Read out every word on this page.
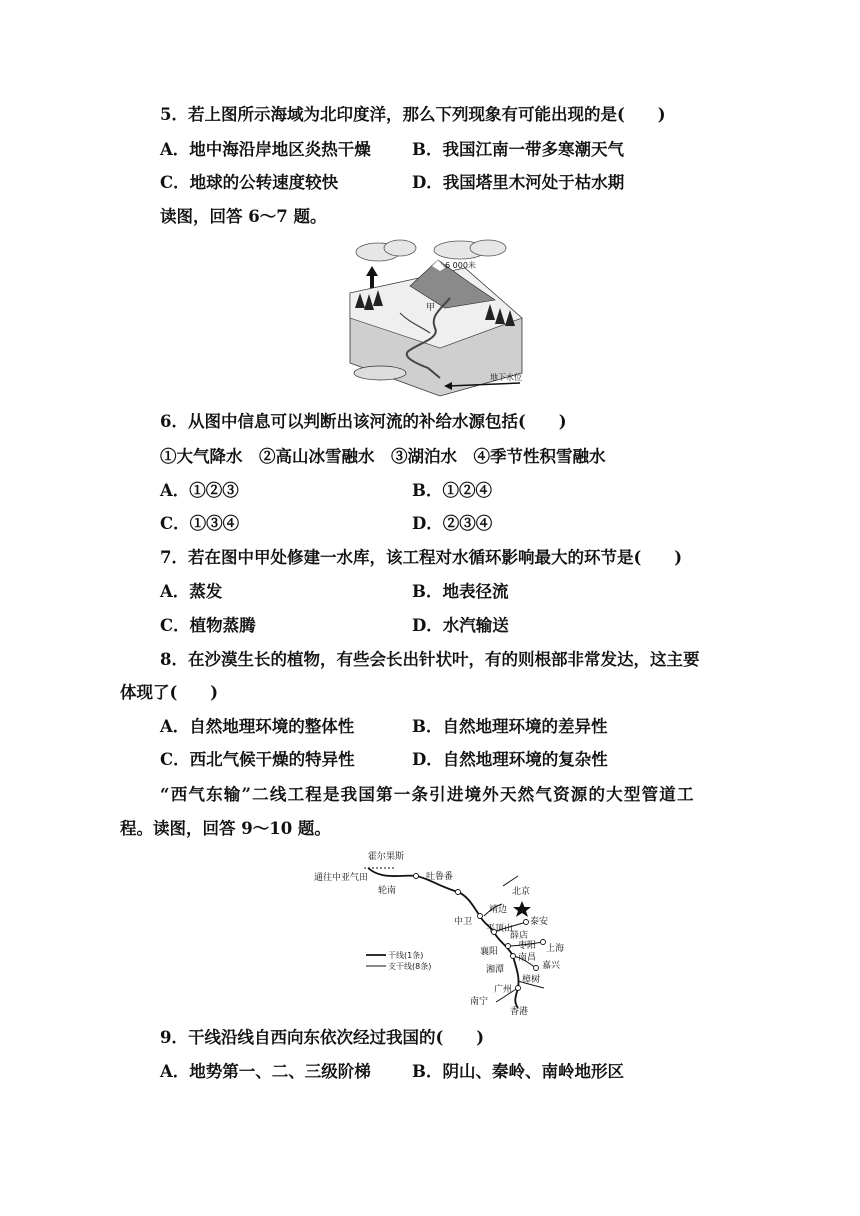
5．若上图所示海域为北印度洋，那么下列现象有可能出现的是(　　)
A．地中海沿岸地区炎热干燥 B．我国江南一带多寒潮天气
C．地球的公转速度较快	D．我国塔里木河处于枯水期
读图，回答 6～7 题。
6 000米
甲
地下水位
6．从图中信息可以判断出该河流的补给水源包括(　　)
①大气降水　②高山冰雪融水　③湖泊水　④季节性积雪融水
A．①②③	B．①②④
C．①③④	D．②③④
7．若在图中甲处修建一水库，该工程对水循环影响最大的环节是(　　)
A．蒸发	B．地表径流
C．植物蒸腾	D．水汽输送
8．在沙漠生长的植物，有些会长出针状叶，有的则根部非常发达，这主要
体现了(　　)
A．自然地理环境的整体性	B．自然地理环境的差异性
C．西北气候干燥的特异性	D．自然地理环境的复杂性
“西气东输”二线工程是我国第一条引进境外天然气资源的大型管道工
程。读图，回答 9～10 题。
霍尔果斯
通往中亚气田	吐鲁番
轮南	北京
靖边
中卫	泰安
平顶山
薛店
枣阳
襄阳	上海
南昌
嘉兴
湘潭
樟树
广州
南宁
香港
干线(1条)
支干线(8条)
9．干线沿线自西向东依次经过我国的(　　)
A．地势第一、二、三级阶梯 B．阴山、秦岭、南岭地形区
